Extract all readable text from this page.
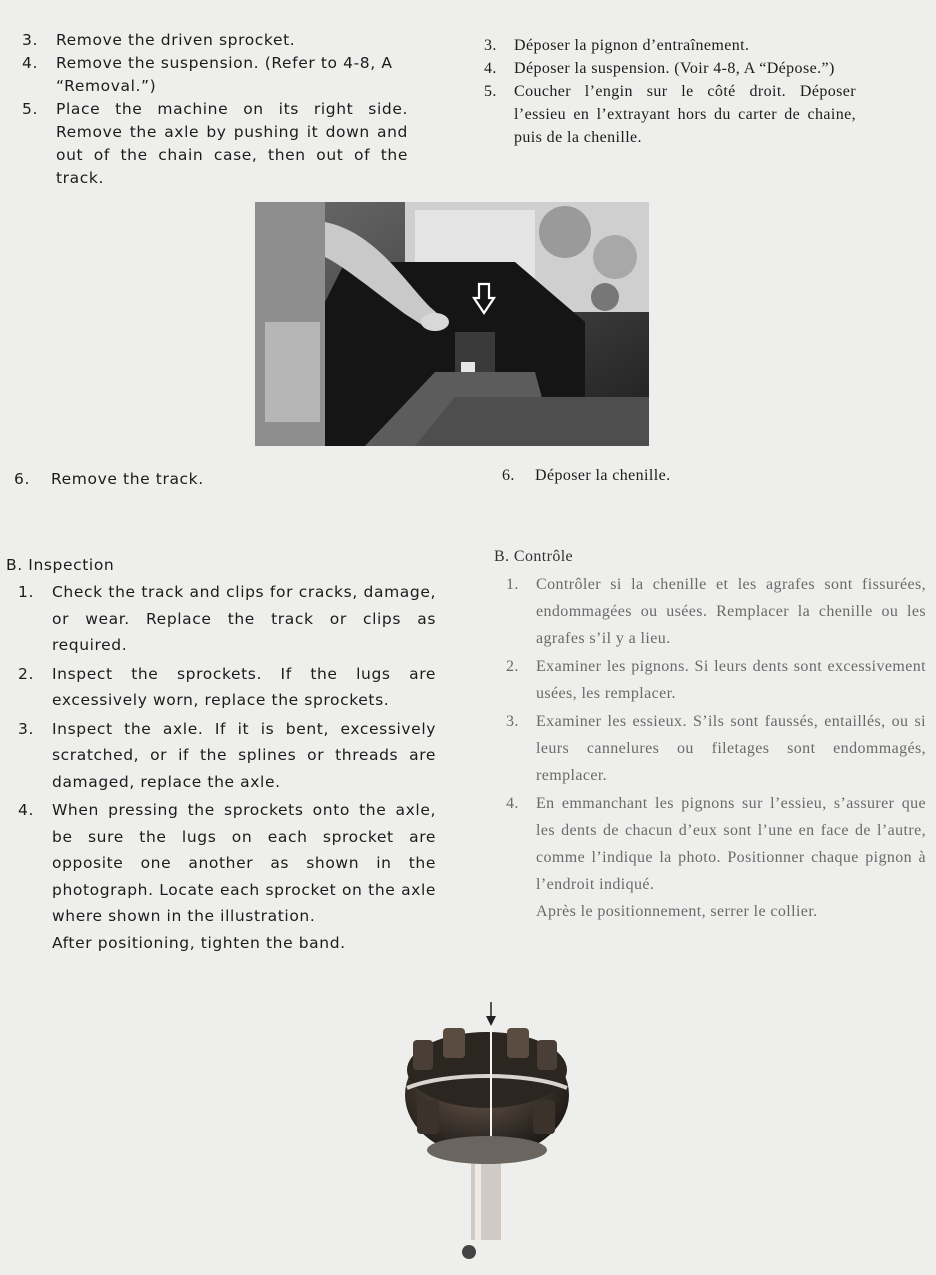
3. Remove the driven sprocket.

4. Remove the suspension. (Refer to 4-8, A “Removal.”)

5. Place the machine on its right side. Remove the axle by pushing it down and out of the chain case, then out of the track.

3. Déposer la pignon d’entraînement.

4. Déposer la suspension. (Voir 4-8, A “Dépose.”)

5. Coucher l’engin sur le côté droit. Déposer l’essieu en l’extrayant hors du carter de chaine, puis de la chenille.

6. Remove the track.	6. Déposer la chenille.

B. Inspection

1. Check the track and clips for cracks, damage, or wear. Replace the track or clips as required.

2. Inspect the sprockets. If the lugs are excessively worn, replace the sprockets.

3. Inspect the axle. If it is bent, excessively scratched, or if the splines or threads are damaged, replace the axle.

4. When pressing the sprockets onto the axle, be sure the lugs on each sprocket are opposite one another as shown in the photograph. Locate each sprocket on the axle where shown in the illustration.

After positioning, tighten the band.

B. Contrôle

1. Contrôler si la chenille et les agrafes sont fissurées, endommagées ou usées. Remplacer la chenille ou les agrafes s’il y a lieu.

2. Examiner les pignons. Si leurs dents sont excessivement usées, les remplacer.

3. Examiner les essieux. S’ils sont faussés, entaillés, ou si leurs cannelures ou filetages sont endommagés, remplacer.

4. En emmanchant les pignons sur l’essieu, s’assurer que les dents de chacun d’eux sont l’une en face de l’autre, comme l’indique la photo. Positionner chaque pignon à l’endroit indiqué.

Après le positionnement, serrer le collier.
